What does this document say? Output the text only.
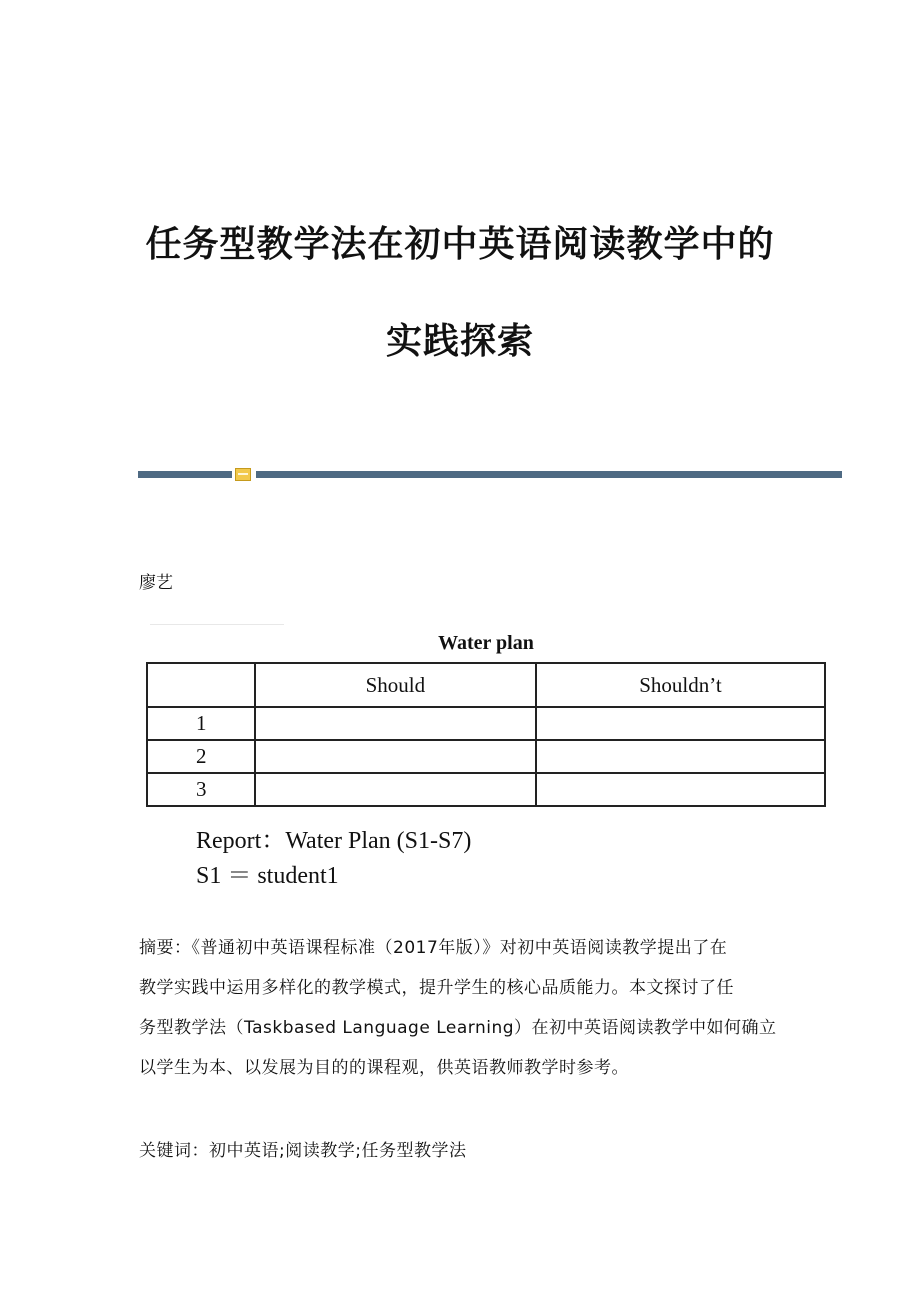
任务型教学法在初中英语阅读教学中的
实践探索
廖艺
Water plan
	Should	Shouldn’t
1		
2		
3		
Report：Water Plan (S1-S7)
S1 ＝ student1
摘要：《普通初中英语课程标准（2017年版）》对初中英语阅读教学提出了在
教学实践中运用多样化的教学模式，提升学生的核心品质能力。本文探讨了任
务型教学法（Taskbased Language Learning）在初中英语阅读教学中如何确立
以学生为本、以发展为目的的课程观，供英语教师教学时参考。
关键词：初中英语;阅读教学;任务型教学法
